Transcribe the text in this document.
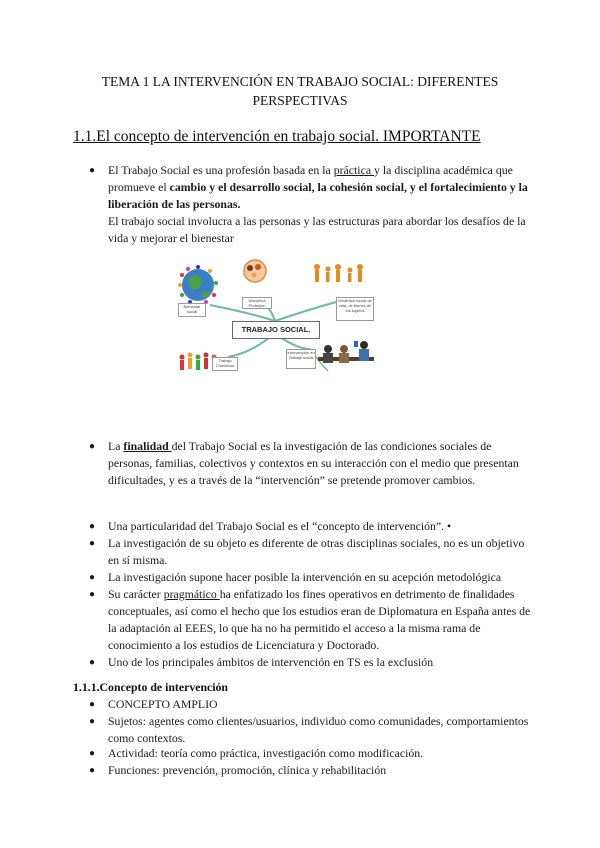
TEMA 1 LA INTERVENCIÓN EN TRABAJO SOCIAL: DIFERENTES PERSPECTIVAS
1.1.El concepto de intervención en trabajo social. IMPORTANTE
● El Trabajo Social es una profesión basada en la práctica y la disciplina académica que promueve el cambio y el desarrollo social, la cohesión social, y el fortalecimiento y la liberación de las personas.
El trabajo social involucra a las personas y las estructuras para abordar los desafíos de la vida y mejorar el bienestar
Bienestar social
Disciplina Profesión
Dinámica social de vida, de bienes de los sujetos
TRABAJO SOCIAL.
Trabajo Colectivos
Intervención en Trabajo social
● La finalidad del Trabajo Social es la investigación de las condiciones sociales de personas, familias, colectivos y contextos en su interacción con el medio que presentan dificultades, y es a través de la “intervención” se pretende promover cambios.
● Una particularidad del Trabajo Social es el “concepto de intervención”. •
● La investigación de su objeto es diferente de otras disciplinas sociales, no es un objetivo en sí misma.
● La investigación supone hacer posible la intervención en su acepción metodológica
● Su carácter pragmático ha enfatizado los fines operativos en detrimento de finalidades conceptuales, así como el hecho que los estudios eran de Diplomatura en España antes de la adaptación al EEES, lo que ha no ha permitido el acceso a la misma rama de conocimiento a los estudios de Licenciatura y Doctorado.
● Uno de los principales ámbitos de intervención en TS es la exclusión
1.1.1.Concepto de intervención
● CONCEPTO AMPLIO
● Sujetos: agentes como clientes/usuarios, individuo como comunidades, comportamientos como contextos.
● Actividad: teoría como práctica, investigación como modificación.
● Funciones: prevención, promoción, clínica y rehabilitación
